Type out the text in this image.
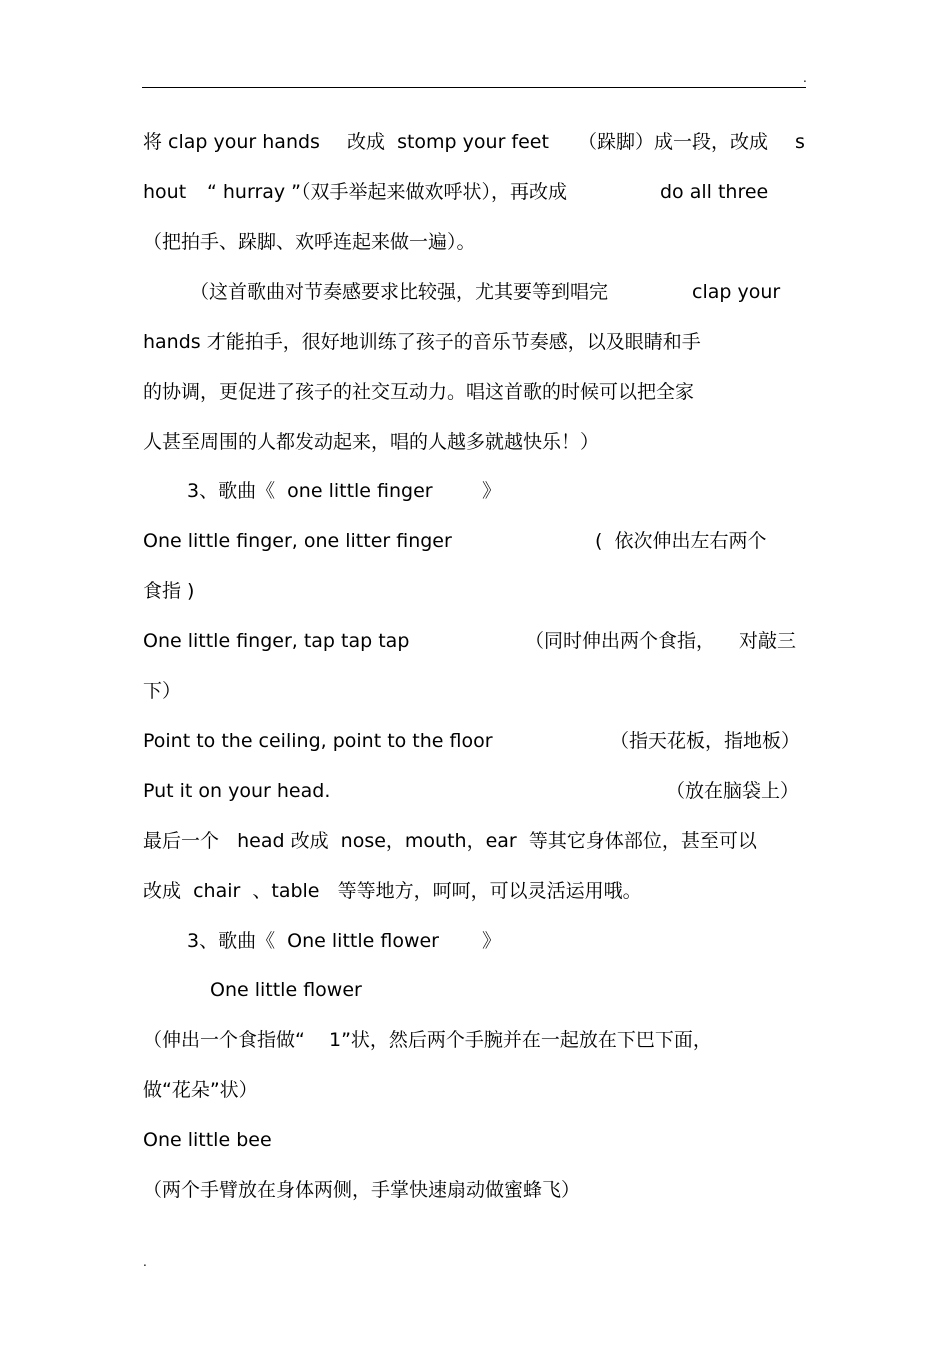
.

将 clap your hands

改成  stomp your feet

（跺脚）成一段，改成

s

hout

“ hurray ”（双手举起来做欢呼状），再改成

	do all three

（把拍手、跺脚、欢呼连起来做一遍）。

（这首歌曲对节奏感要求比较强，尤其要等到唱完

	clap your

hands 才能拍手，很好地训练了孩子的音乐节奏感，以及眼睛和手

的协调，更促进了孩子的社交互动力。唱这首歌的时候可以把全家

人甚至周围的人都发动起来，唱的人越多就越快乐！）

3、歌曲《  one little finger

	》

One little finger, one litter finger

	(  依次伸出左右两个

食指 )

One little finger, tap tap tap

	（同时伸出两个食指，

对敲三

下）

Point to the ceiling, point to the floor

	（指天花板，指地板）

Put it on your head.

	（放在脑袋上）

最后一个   head 改成  nose，mouth，ear  等其它身体部位，甚至可以

改成  chair  、table   等等地方，呵呵，可以灵活运用哦。

3、歌曲《  One little flower

》

One little flower

（伸出一个食指做“    1”状，然后两个手腕并在一起放在下巴下面，

做“花朵”状）

One little bee

（两个手臂放在身体两侧，手掌快速扇动做蜜蜂飞）

.
